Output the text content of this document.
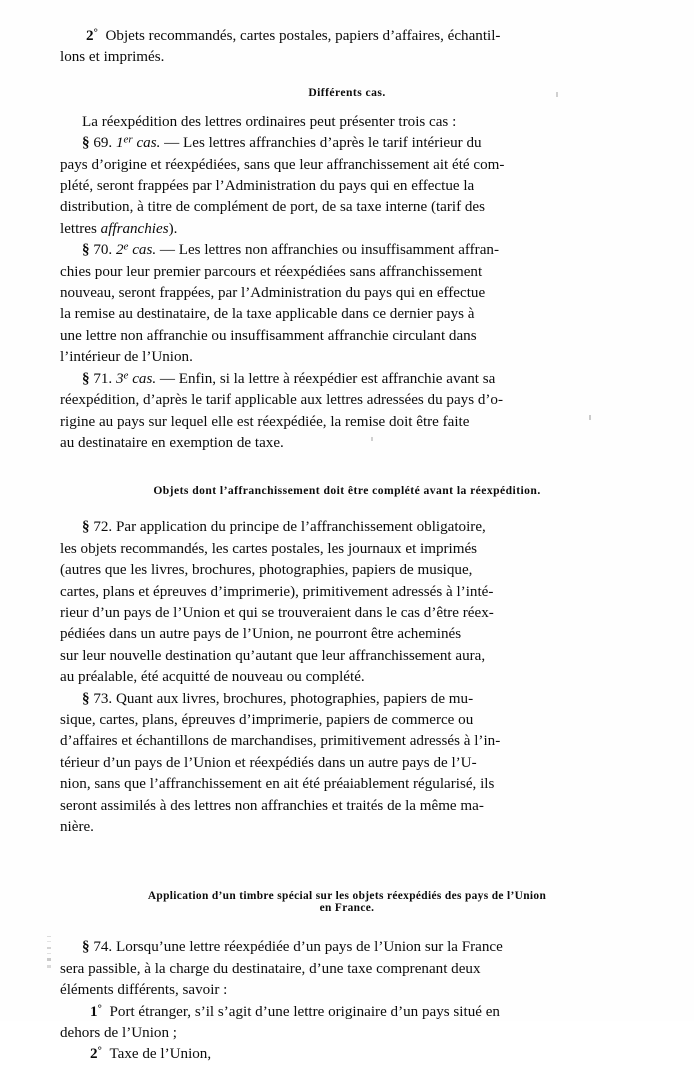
2° Objets recommandés, cartes postales, papiers d’affaires, échantil-
lons et imprimés.
Différents cas.
La réexpédition des lettres ordinaires peut présenter trois cas :
§ 69. 1er cas. — Les lettres affranchies d’après le tarif intérieur du
pays d’origine et réexpédiées, sans que leur affranchissement ait été com-
plété, seront frappées par l’Administration du pays qui en effectue la
distribution, à titre de complément de port, de sa taxe interne (tarif des
lettres affranchies).
§ 70. 2e cas. — Les lettres non affranchies ou insuffisamment affran-
chies pour leur premier parcours et réexpédiées sans affranchissement
nouveau, seront frappées, par l’Administration du pays qui en effectue
la remise au destinataire, de la taxe applicable dans ce dernier pays à
une lettre non affranchie ou insuffisamment affranchie circulant dans
l’intérieur de l’Union.
§ 71. 3e cas. — Enfin, si la lettre à réexpédier est affranchie avant sa
réexpédition, d’après le tarif applicable aux lettres adressées du pays d’o-
rigine au pays sur lequel elle est réexpédiée, la remise doit être faite
au destinataire en exemption de taxe.
Objets dont l’affranchissement doit être complété avant la réexpédition.
§ 72. Par application du principe de l’affranchissement obligatoire,
les objets recommandés, les cartes postales, les journaux et imprimés
(autres que les livres, brochures, photographies, papiers de musique,
cartes, plans et épreuves d’imprimerie), primitivement adressés à l’inté-
rieur d’un pays de l’Union et qui se trouveraient dans le cas d’être réex-
pédiées dans un autre pays de l’Union, ne pourront être acheminés
sur leur nouvelle destination qu’autant que leur affranchissement aura,
au préalable, été acquitté de nouveau ou complété.
§ 73. Quant aux livres, brochures, photographies, papiers de mu-
sique, cartes, plans, épreuves d’imprimerie, papiers de commerce ou
d’affaires et échantillons de marchandises, primitivement adressés à l’in-
térieur d’un pays de l’Union et réexpédiés dans un autre pays de l’U-
nion, sans que l’affranchissement en ait été préaiablement régularisé, ils
seront assimilés à des lettres non affranchies et traités de la même ma-
nière.
Application d’un timbre spécial sur les objets réexpédiés des pays de l’Union
en France.
§ 74. Lorsqu’une lettre réexpédiée d’un pays de l’Union sur la France
sera passible, à la charge du destinataire, d’une taxe comprenant deux
éléments différents, savoir :
1° Port étranger, s’il s’agit d’une lettre originaire d’un pays situé en
dehors de l’Union ;
2° Taxe de l’Union,
